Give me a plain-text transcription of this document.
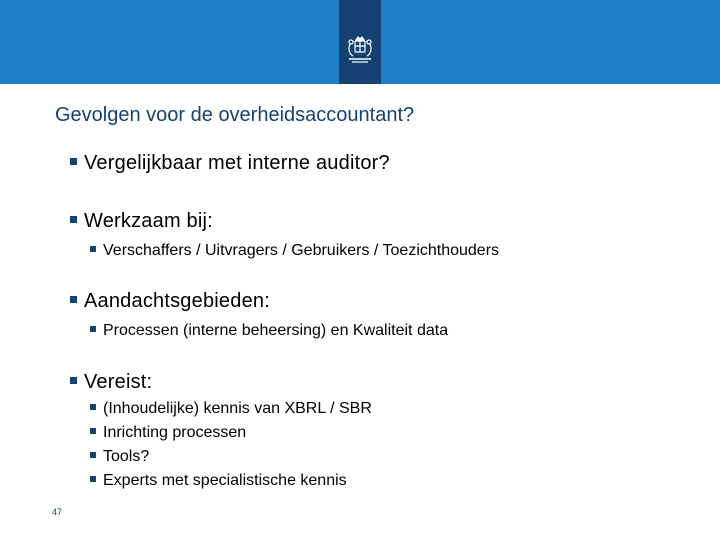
Gevolgen voor de overheidsaccountant?
Vergelijkbaar met interne auditor?
Werkzaam bij:
Verschaffers / Uitvragers / Gebruikers / Toezichthouders
Aandachtsgebieden:
Processen (interne beheersing) en Kwaliteit data
Vereist:
(Inhoudelijke) kennis van XBRL / SBR
Inrichting processen
Tools?
Experts met specialistische kennis
47
